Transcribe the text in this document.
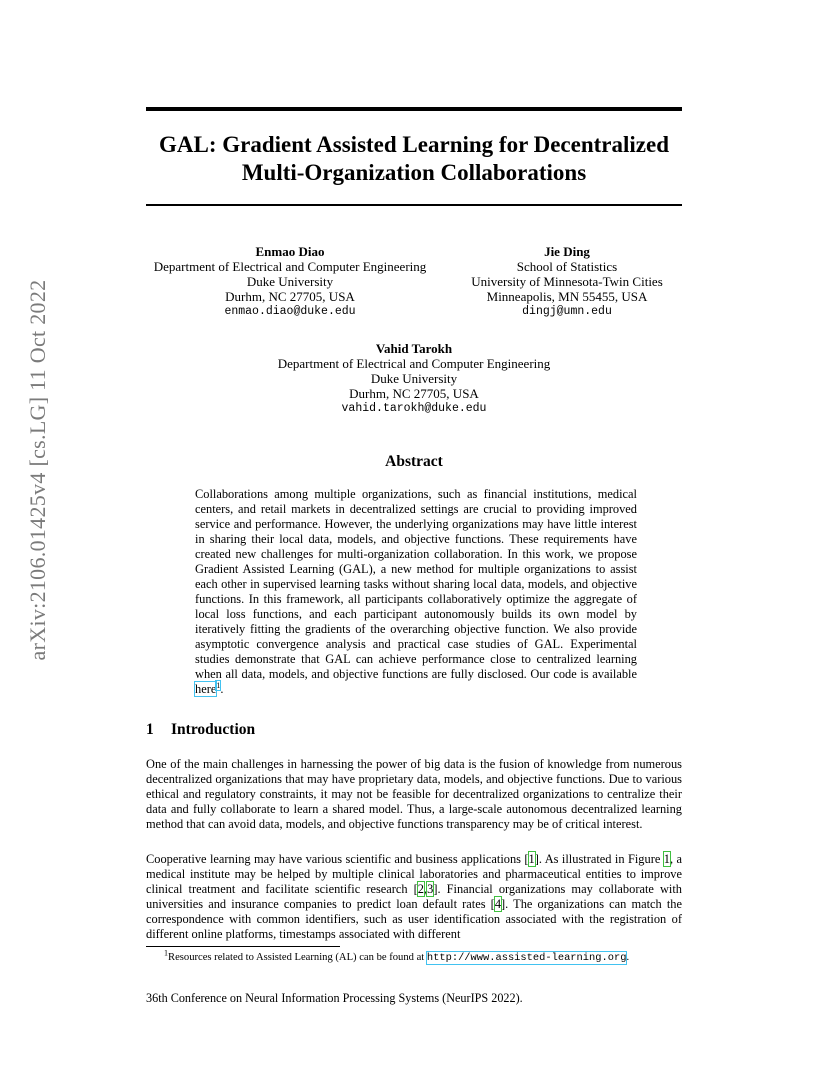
arXiv:2106.01425v4 [cs.LG] 11 Oct 2022
GAL: Gradient Assisted Learning for Decentralized
Multi-Organization Collaborations
Enmao Diao
Department of Electrical and Computer Engineering
Duke University
Durhm, NC 27705, USA
enmao.diao@duke.edu
Jie Ding
School of Statistics
University of Minnesota-Twin Cities
Minneapolis, MN 55455, USA
dingj@umn.edu
Vahid Tarokh
Department of Electrical and Computer Engineering
Duke University
Durhm, NC 27705, USA
vahid.tarokh@duke.edu
Abstract
Collaborations among multiple organizations, such as financial institutions, medical centers, and retail markets in decentralized settings are crucial to providing improved service and performance. However, the underlying organizations may have little interest in sharing their local data, models, and objective functions. These requirements have created new challenges for multi-organization collaboration. In this work, we propose Gradient Assisted Learning (GAL), a new method for multiple organizations to assist each other in supervised learning tasks without sharing local data, models, and objective functions. In this framework, all participants collaboratively optimize the aggregate of local loss functions, and each participant autonomously builds its own model by iteratively fitting the gradients of the overarching objective function. We also provide asymptotic convergence analysis and practical case studies of GAL. Experimental studies demonstrate that GAL can achieve performance close to centralized learning when all data, models, and objective functions are fully disclosed. Our code is available here$^1$.
1 Introduction
One of the main challenges in harnessing the power of big data is the fusion of knowledge from numerous decentralized organizations that may have proprietary data, models, and objective functions. Due to various ethical and regulatory constraints, it may not be feasible for decentralized organizations to centralize their data and fully collaborate to learn a shared model. Thus, a large-scale autonomous decentralized learning method that can avoid data, models, and objective functions transparency may be of critical interest.
Cooperative learning may have various scientific and business applications [1]. As illustrated in Figure 1, a medical institute may be helped by multiple clinical laboratories and pharmaceutical entities to improve clinical treatment and facilitate scientific research [2,3]. Financial organizations may collaborate with universities and insurance companies to predict loan default rates [4]. The organizations can match the correspondence with common identifiers, such as user identification associated with the registration of different online platforms, timestamps associated with different
$^1$Resources related to Assisted Learning (AL) can be found at http://www.assisted-learning.org.
36th Conference on Neural Information Processing Systems (NeurIPS 2022).
